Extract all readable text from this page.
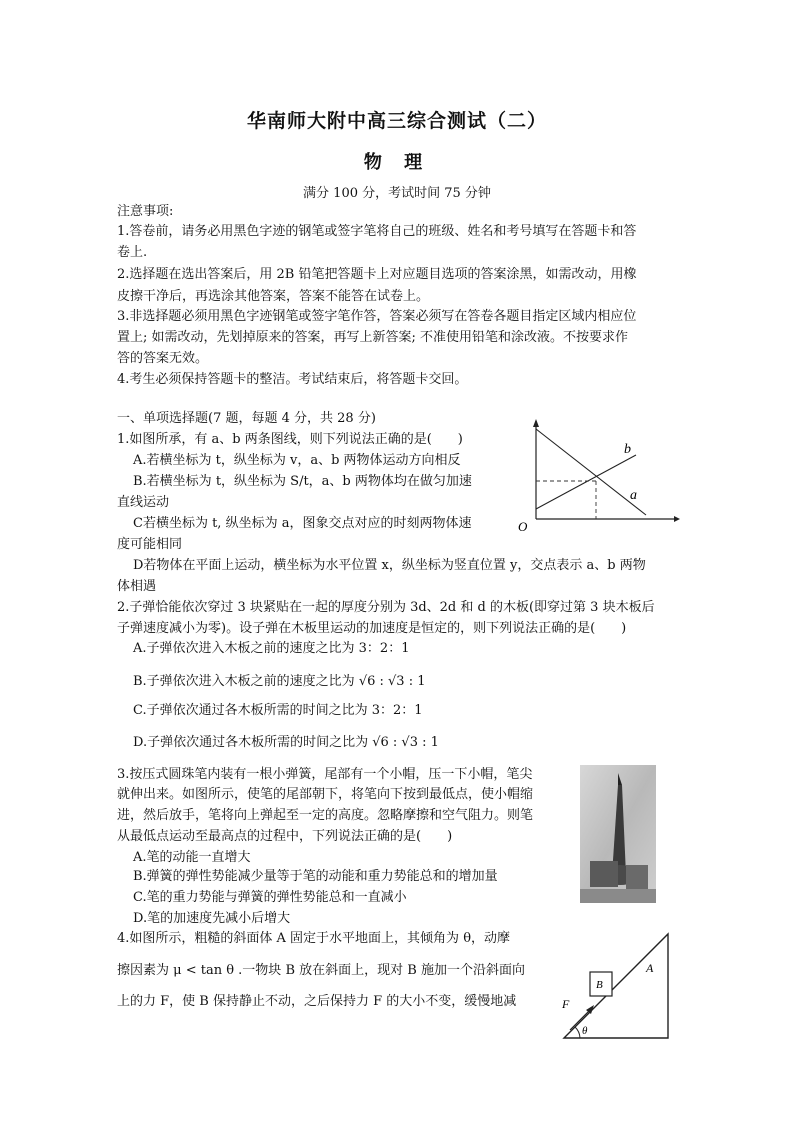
华南师大附中高三综合测试（二）
物 理
满分 100 分，考试时间 75 分钟
注意事项:
1.答卷前，请务必用黑色字迹的钢笔或签字笔将自己的班级、姓名和考号填写在答题卡和答
卷上.
2.选择题在选出答案后，用 2B 铅笔把答题卡上对应题目选项的答案涂黑，如需改动，用橡
皮擦干净后，再选涂其他答案，答案不能答在试卷上。
3.非选择题必须用黑色字迹钢笔或签字笔作答，答案必须写在答卷各题目指定区域内相应位
置上; 如需改动，先划掉原来的答案，再写上新答案; 不准使用铅笔和涂改液。不按要求作
答的答案无效。
4.考生必须保持答题卡的整洁。考试结束后，将答题卡交回。
一、单项选择题(7 题，每题 4 分，共 28 分)
1.如图所承，有 a、b 两条图线，则下列说法正确的是(　　)
A.若横坐标为 t，纵坐标为 v，a、b 两物体运动方向相反
B.若横坐标为 t，纵坐标为 S/t，a、b 两物体均在做匀加速
直线运动
C若横坐标为 t, 纵坐标为 a，图象交点对应的时刻两物体速
度可能相同
D若物体在平面上运动，横坐标为水平位置 x，纵坐标为竖直位置 y，交点表示 a、b 两物
体相遇
b
a
O
2.子弹恰能依次穿过 3 块紧贴在一起的厚度分别为 3d、2d 和 d 的木板(即穿过第 3 块木板后
子弹速度减小为零)。设子弹在木板里运动的加速度是恒定的，则下列说法正确的是(　　)
A.子弹依次进入木板之前的速度之比为 3：2：1
B.子弹依次进入木板之前的速度之比为 √6 : √3 : 1
C.子弹依次通过各木板所需的时间之比为 3：2：1
D.子弹依次通过各木板所需的时间之比为 √6 : √3 : 1
3.按压式圆珠笔内装有一根小弹簧，尾部有一个小帽，压一下小帽，笔尖
就伸出来。如图所示，使笔的尾部朝下，将笔向下按到最低点，使小帽缩
进，然后放手，笔将向上弹起至一定的高度。忽略摩擦和空气阻力。则笔
从最低点运动至最高点的过程中，下列说法正确的是(　　)
A.笔的动能一直增大
B.弹簧的弹性势能减少量等于笔的动能和重力势能总和的增加量
C.笔的重力势能与弹簧的弹性势能总和一直减小
D.笔的加速度先减小后增大
4.如图所示，粗糙的斜面体 A 固定于水平地面上，其倾角为 θ，动摩
擦因素为 μ < tan θ .一物块 B 放在斜面上，现对 B 施加一个沿斜面向
上的力 F，使 B 保持静止不动，之后保持力 F 的大小不变，缓慢地减	F
B
A
θ
